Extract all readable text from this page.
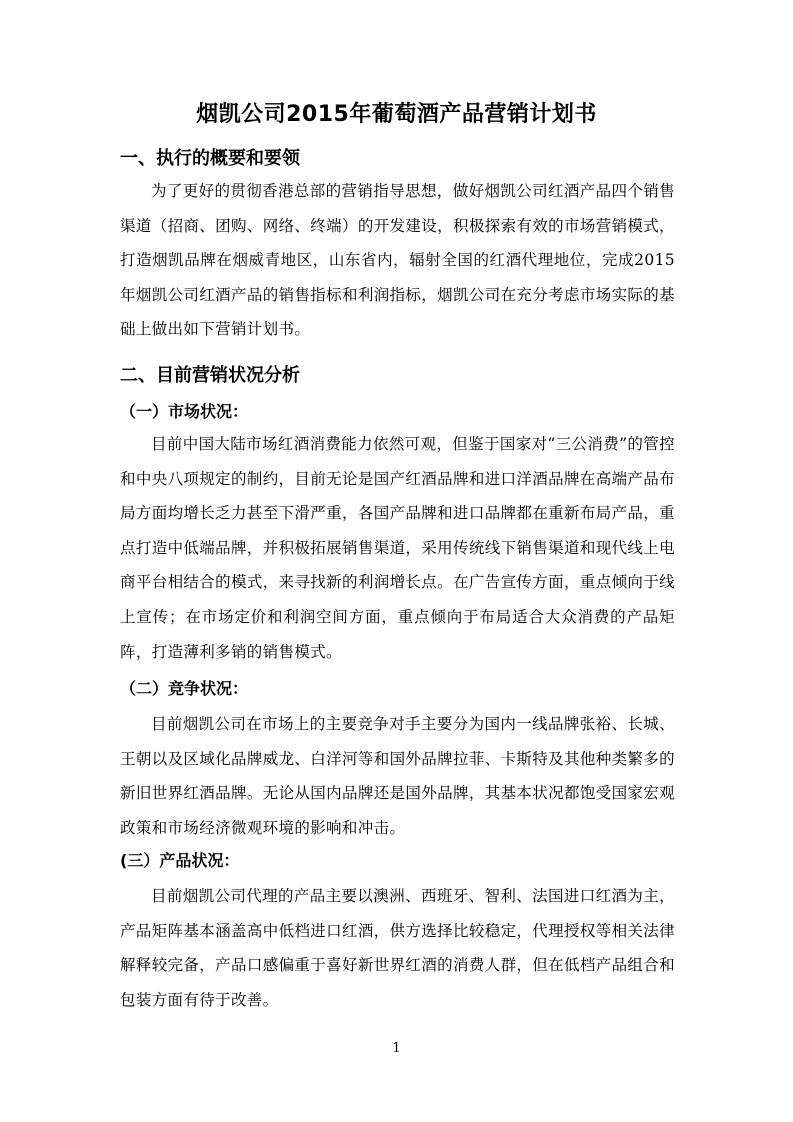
烟凯公司2015年葡萄酒产品营销计划书
一、执行的概要和要领
为了更好的贯彻香港总部的营销指导思想，做好烟凯公司红酒产品四个销售渠道（招商、团购、网络、终端）的开发建设，积极探索有效的市场营销模式，打造烟凯品牌在烟威青地区，山东省内，辐射全国的红酒代理地位，完成2015年烟凯公司红酒产品的销售指标和利润指标，烟凯公司在充分考虑市场实际的基础上做出如下营销计划书。
二、目前营销状况分析
（一）市场状况：
目前中国大陆市场红酒消费能力依然可观，但鉴于国家对“三公消费”的管控和中央八项规定的制约，目前无论是国产红酒品牌和进口洋酒品牌在高端产品布局方面均增长乏力甚至下滑严重，各国产品牌和进口品牌都在重新布局产品，重点打造中低端品牌，并积极拓展销售渠道，采用传统线下销售渠道和现代线上电商平台相结合的模式，来寻找新的利润增长点。在广告宣传方面，重点倾向于线上宣传；在市场定价和利润空间方面，重点倾向于布局适合大众消费的产品矩阵，打造薄利多销的销售模式。
（二）竞争状况：
目前烟凯公司在市场上的主要竞争对手主要分为国内一线品牌张裕、长城、王朝以及区域化品牌威龙、白洋河等和国外品牌拉菲、卡斯特及其他种类繁多的新旧世界红酒品牌。无论从国内品牌还是国外品牌，其基本状况都饱受国家宏观政策和市场经济微观环境的影响和冲击。
(三）产品状况：
目前烟凯公司代理的产品主要以澳洲、西班牙、智利、法国进口红酒为主，产品矩阵基本涵盖高中低档进口红酒，供方选择比较稳定，代理授权等相关法律解释较完备，产品口感偏重于喜好新世界红酒的消费人群，但在低档产品组合和包装方面有待于改善。
1
